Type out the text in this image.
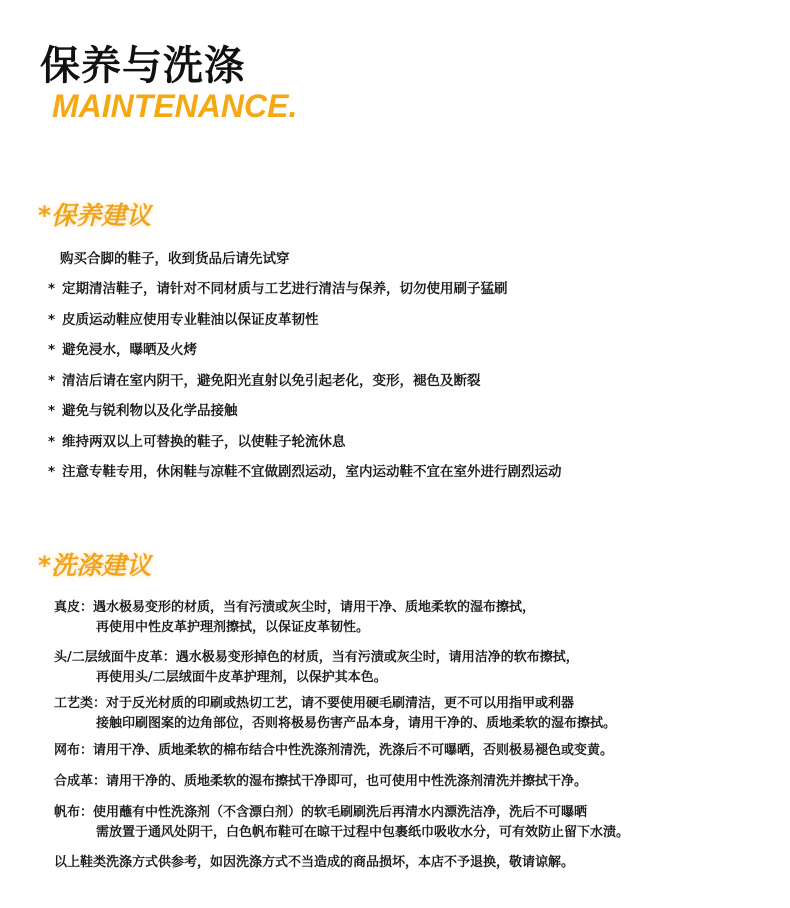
保养与洗涤
MAINTENANCE.
*保养建议
购买合脚的鞋子，收到货品后请先试穿
* 定期清洁鞋子，请针对不同材质与工艺进行清洁与保养，切勿使用刷子猛刷
* 皮质运动鞋应使用专业鞋油以保证皮革韧性
* 避免浸水，曝晒及火烤
* 清洁后请在室内阴干，避免阳光直射以免引起老化，变形，褪色及断裂
* 避免与锐利物以及化学品接触
* 维持两双以上可替换的鞋子，以使鞋子轮流休息
* 注意专鞋专用，休闲鞋与凉鞋不宜做剧烈运动，室内运动鞋不宜在室外进行剧烈运动
*洗涤建议
真皮：遇水极易变形的材质，当有污渍或灰尘时，请用干净、质地柔软的湿布擦拭，
再使用中性皮革护理剂擦拭，以保证皮革韧性。
头/二层绒面牛皮革：遇水极易变形掉色的材质，当有污渍或灰尘时，请用洁净的软布擦拭，
再使用头/二层绒面牛皮革护理剂，以保护其本色。
工艺类：对于反光材质的印刷或热切工艺，请不要使用硬毛刷清洁，更不可以用指甲或利器
接触印刷图案的边角部位，否则将极易伤害产品本身，请用干净的、质地柔软的湿布擦拭。
网布：请用干净、质地柔软的棉布结合中性洗涤剂清洗，洗涤后不可曝晒，否则极易褪色或变黄。
合成革：请用干净的、质地柔软的湿布擦拭干净即可，也可使用中性洗涤剂清洗并擦拭干净。
帆布：使用蘸有中性洗涤剂（不含漂白剂）的软毛刷刷洗后再清水内漂洗洁净，洗后不可曝晒
需放置于通风处阴干，白色帆布鞋可在晾干过程中包裹纸巾吸收水分，可有效防止留下水渍。
以上鞋类洗涤方式供参考，如因洗涤方式不当造成的商品损坏，本店不予退换，敬请谅解。
